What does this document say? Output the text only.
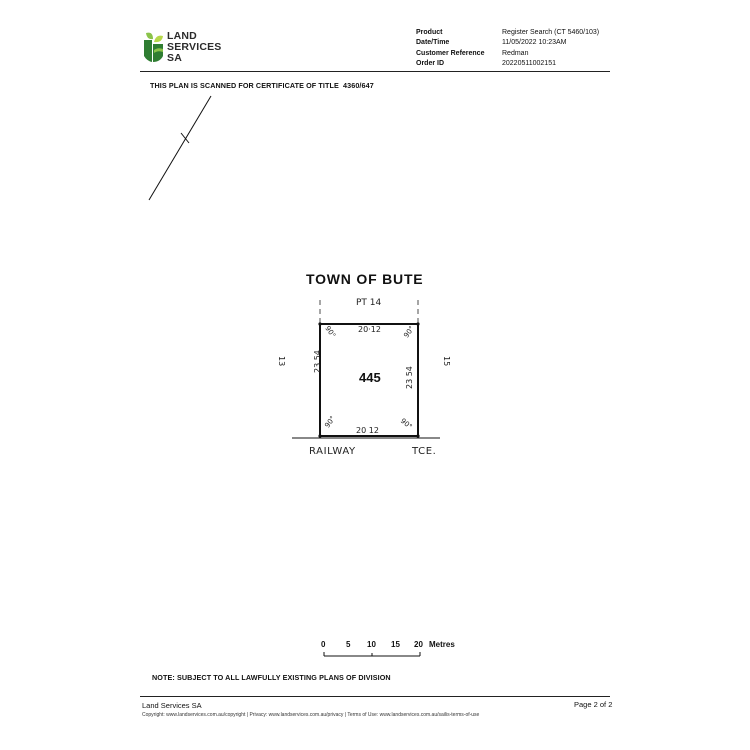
LAND
SERVICES
SA
Product	Register Search (CT 5460/103)
Date/Time	11/05/2022 10:23AM
Customer Reference	Redman
Order ID	20220511002151
THIS PLAN IS SCANNED FOR CERTIFICATE OF TITLE  4360/647
TOWN OF BUTE
PT 14
20·12
20 12
23 54
23 54
445
13	15
90°	90°
90°	90°
RAILWAY	TCE.
0	5 10 15 20 Metres
NOTE: SUBJECT TO ALL LAWFULLY EXISTING PLANS OF DIVISION
Land Services SA	Page 2 of 2
Copyright: www.landservices.com.au/copyright | Privacy: www.landservices.com.au/privacy | Terms of Use: www.landservices.com.au/sailis-terms-of-use
